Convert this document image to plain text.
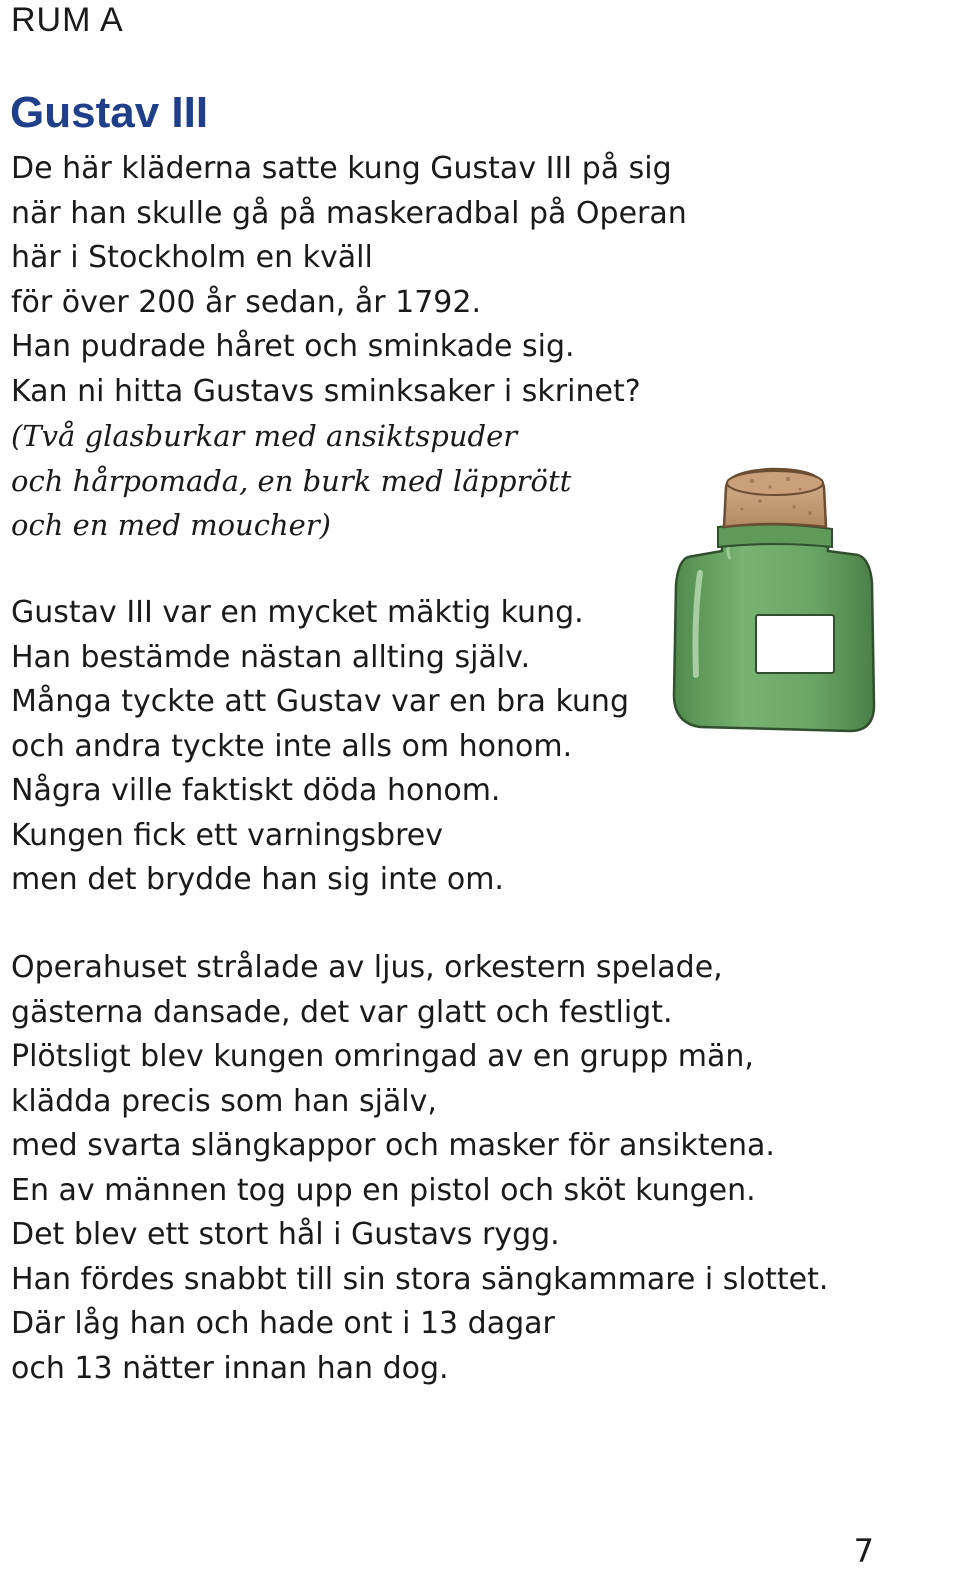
RUM A
Gustav III

De här kläderna satte kung Gustav III på sig
när han skulle gå på maskeradbal på Operan
här i Stockholm en kväll
för över 200 år sedan, år 1792.
Han pudrade håret och sminkade sig.
Kan ni hitta Gustavs sminksaker i skrinet?

(Två glasburkar med ansiktspuder
och hårpomada, en burk med läpprött
och en med moucher)

Gustav III var en mycket mäktig kung.
Han bestämde nästan allting själv.
Många tyckte att Gustav var en bra kung
och andra tyckte inte alls om honom.
Några ville faktiskt döda honom.
Kungen fick ett varningsbrev
men det brydde han sig inte om.

Operahuset strålade av ljus, orkestern spelade,
gästerna dansade, det var glatt och festligt.
Plötsligt blev kungen omringad av en grupp män,
klädda precis som han själv,
med svarta slängkappor och masker för ansiktena.
En av männen tog upp en pistol och sköt kungen.
Det blev ett stort hål i Gustavs rygg.
Han fördes snabbt till sin stora sängkammare i slottet.
Där låg han och hade ont i 13 dagar
och 13 nätter innan han dog.

7
